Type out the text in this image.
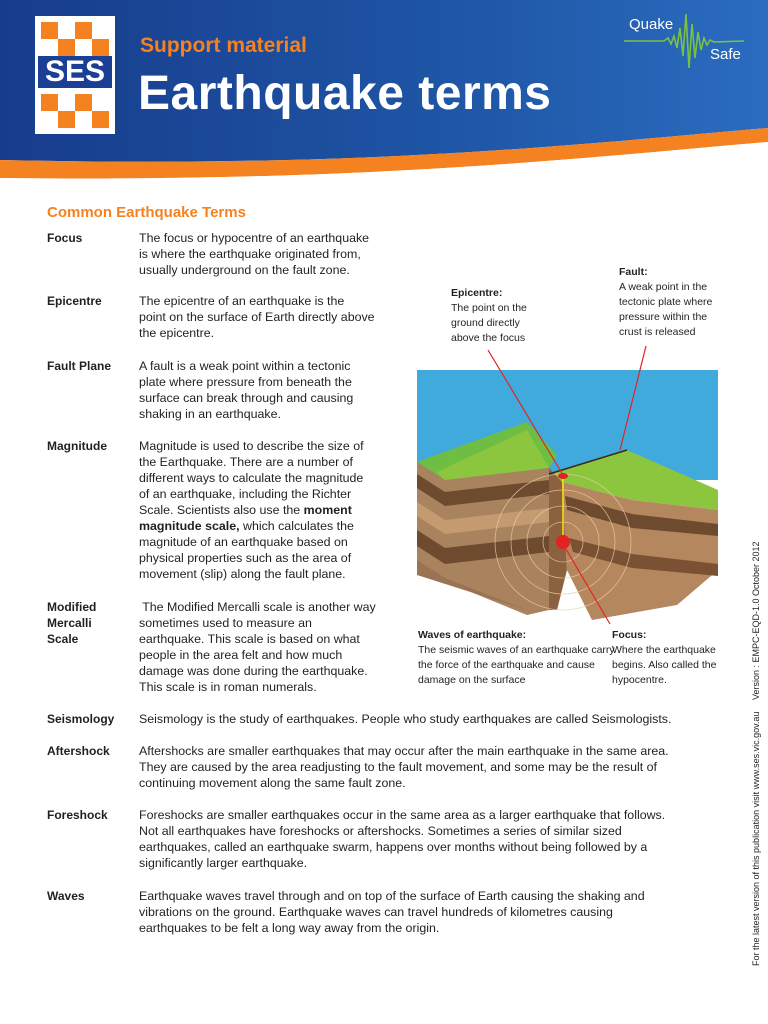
SES
Support material
Earthquake terms
Quake
Safe
Common Earthquake Terms
Focus	The focus or hypocentre of an earthquake
is where the earthquake originated from,
usually underground on the fault zone.
Epicentre	The epicentre of an earthquake is the
point on the surface of Earth directly above
the epicentre.
Fault Plane	A fault is a weak point within a tectonic
plate where pressure from beneath the
surface can break through and causing
shaking in an earthquake.
Magnitude	Magnitude is used to describe the size of
the Earthquake. There are a number of
different ways to calculate the magnitude
of an earthquake, including the Richter
Scale. Scientists also use the moment
magnitude scale, which calculates the
magnitude of an earthquake based on
physical properties such as the area of
movement (slip) along the fault plane.
Modified
Mercalli
Scale
The Modified Mercalli scale is another way
sometimes used to measure an
earthquake. This scale is based on what
people in the area felt and how much
damage was done during the earthquake.
This scale is in roman numerals.
Seismology	Seismology is the study of earthquakes. People who study earthquakes are called Seismologists.
Aftershock	Aftershocks are smaller earthquakes that may occur after the main earthquake in the same area.
They are caused by the area readjusting to the fault movement, and some may be the result of
continuing movement along the same fault zone.
Foreshock	Foreshocks are smaller earthquakes occur in the same area as a larger earthquake that follows.
Not all earthquakes have foreshocks or aftershocks. Sometimes a series of similar sized
earthquakes, called an earthquake swarm, happens over months without being followed by a
significantly larger earthquake.
Waves	Earthquake waves travel through and on top of the surface of Earth causing the shaking and
vibrations on the ground. Earthquake waves can travel hundreds of kilometres causing
earthquakes to be felt a long way away from the origin.
Epicentre:
The point on the
ground directly
above the focus
Fault:
A weak point in the
tectonic plate where
pressure within the
crust is released
Waves of earthquake:
The seismic waves of an earthquake carry
the force of the earthquake and cause
damage on the surface
Focus:
Where the earthquake
begins. Also called the
hypocentre.	Version : EMPC-EQD-1.0 October 2012
For the latest version of this publication visit www.ses.vic.gov.au
